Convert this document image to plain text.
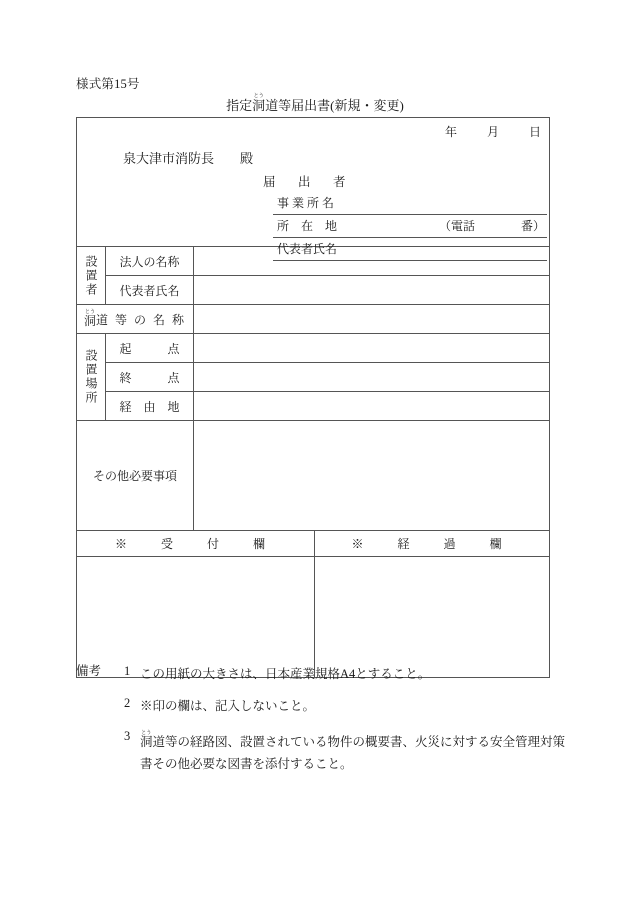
様式第15号
指定洞とう道等届出書(新規・変更)
年	月	日
泉大津市消防長 殿
届　出　者
事 業 所 名
所　在　地	（電話	番）
代表者氏名
設置者	法人の名称
代表者氏名
洞とう
道 等 の 名 称
設置場所
起　　　点
終　　　点
経　由　地
その他必要事項
※　受　付　欄	※　経　過　欄
備考	1 この用紙の大きさは、日本産業規格A4とすること。
2 ※印の欄は、記入しないこと。
3 洞とう道等の経路図、設置されている物件の概要書、火災に対する安全管理対策
書その他必要な図書を添付すること。
